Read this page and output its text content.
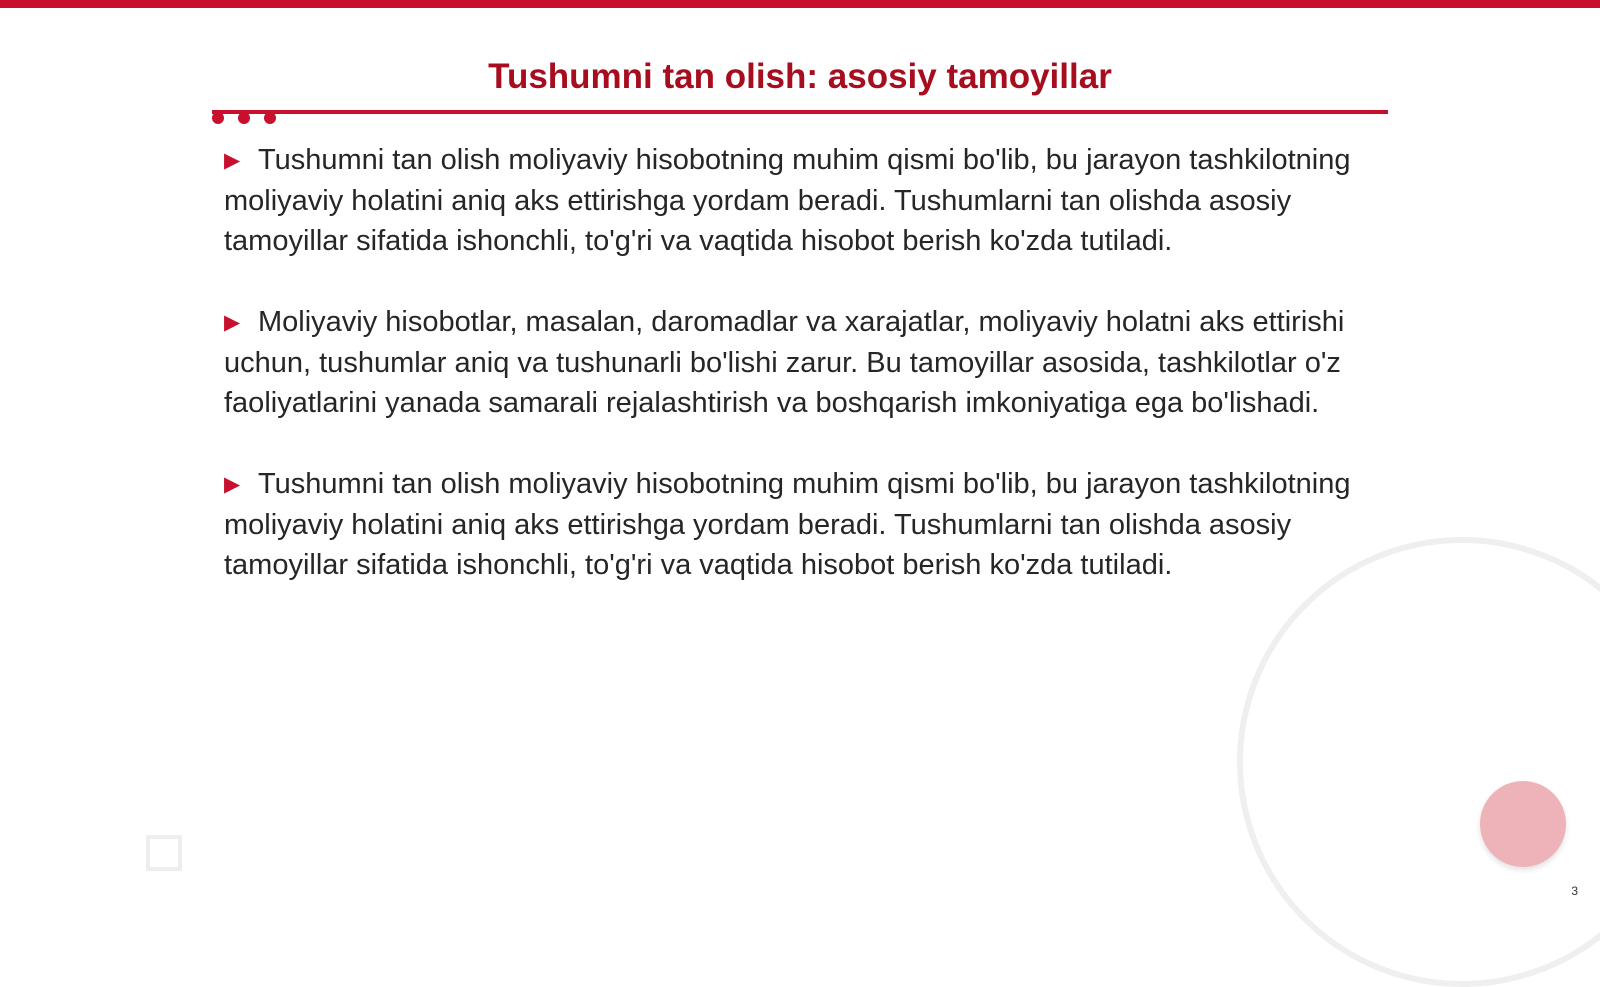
Tushumni tan olish: asosiy tamoyillar

▶ Tushumni tan olish moliyaviy hisobotning muhim qismi bo'lib, bu jarayon tashkilotning moliyaviy holatini aniq aks ettirishga yordam beradi. Tushumlarni tan olishda asosiy tamoyillar sifatida ishonchli, to'g'ri va vaqtida hisobot berish ko'zda tutiladi.

▶ Moliyaviy hisobotlar, masalan, daromadlar va xarajatlar, moliyaviy holatni aks ettirishi uchun, tushumlar aniq va tushunarli bo'lishi zarur. Bu tamoyillar asosida, tashkilotlar o'z faoliyatlarini yanada samarali rejalashtirish va boshqarish imkoniyatiga ega bo'lishadi.

▶ Tushumni tan olish moliyaviy hisobotning muhim qismi bo'lib, bu jarayon tashkilotning moliyaviy holatini aniq aks ettirishga yordam beradi. Tushumlarni tan olishda asosiy tamoyillar sifatida ishonchli, to'g'ri va vaqtida hisobot berish ko'zda tutiladi.

3
